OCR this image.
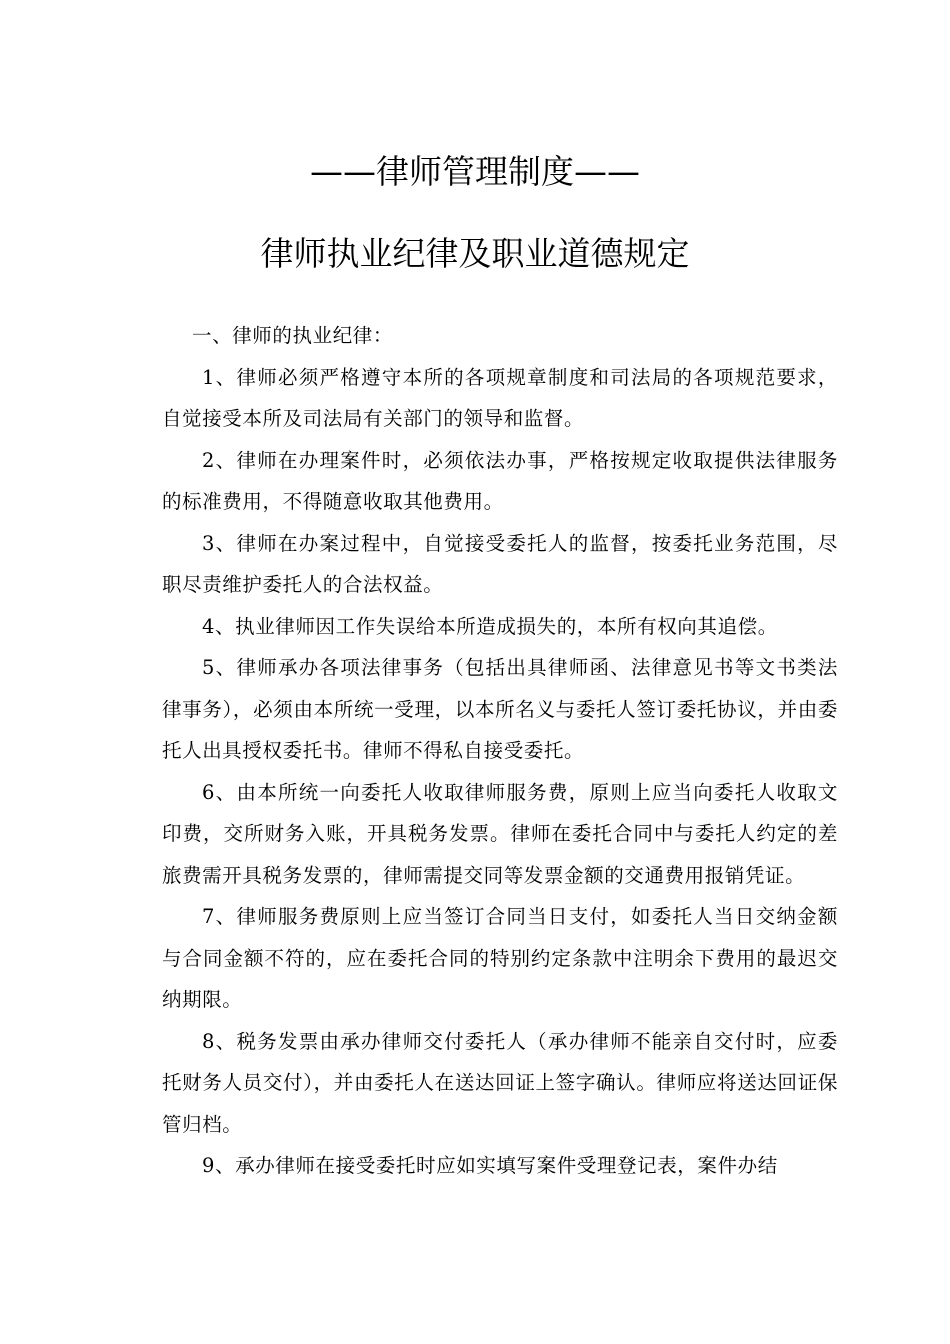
——律师管理制度——
律师执业纪律及职业道德规定

一、律师的执业纪律：

1、律师必须严格遵守本所的各项规章制度和司法局的各项规范要求，自觉接受本所及司法局有关部门的领导和监督。

2、律师在办理案件时，必须依法办事，严格按规定收取提供法律服务的标准费用，不得随意收取其他费用。

3、律师在办案过程中，自觉接受委托人的监督，按委托业务范围，尽职尽责维护委托人的合法权益。

4、执业律师因工作失误给本所造成损失的，本所有权向其追偿。

5、律师承办各项法律事务（包括出具律师函、法律意见书等文书类法律事务），必须由本所统一受理，以本所名义与委托人签订委托协议，并由委托人出具授权委托书。律师不得私自接受委托。

6、由本所统一向委托人收取律师服务费，原则上应当向委托人收取文印费，交所财务入账，开具税务发票。律师在委托合同中与委托人约定的差旅费需开具税务发票的，律师需提交同等发票金额的交通费用报销凭证。

7、律师服务费原则上应当签订合同当日支付，如委托人当日交纳金额与合同金额不符的，应在委托合同的特别约定条款中注明余下费用的最迟交纳期限。

8、税务发票由承办律师交付委托人（承办律师不能亲自交付时，应委托财务人员交付），并由委托人在送达回证上签字确认。律师应将送达回证保管归档。

9、承办律师在接受委托时应如实填写案件受理登记表，案件办结
